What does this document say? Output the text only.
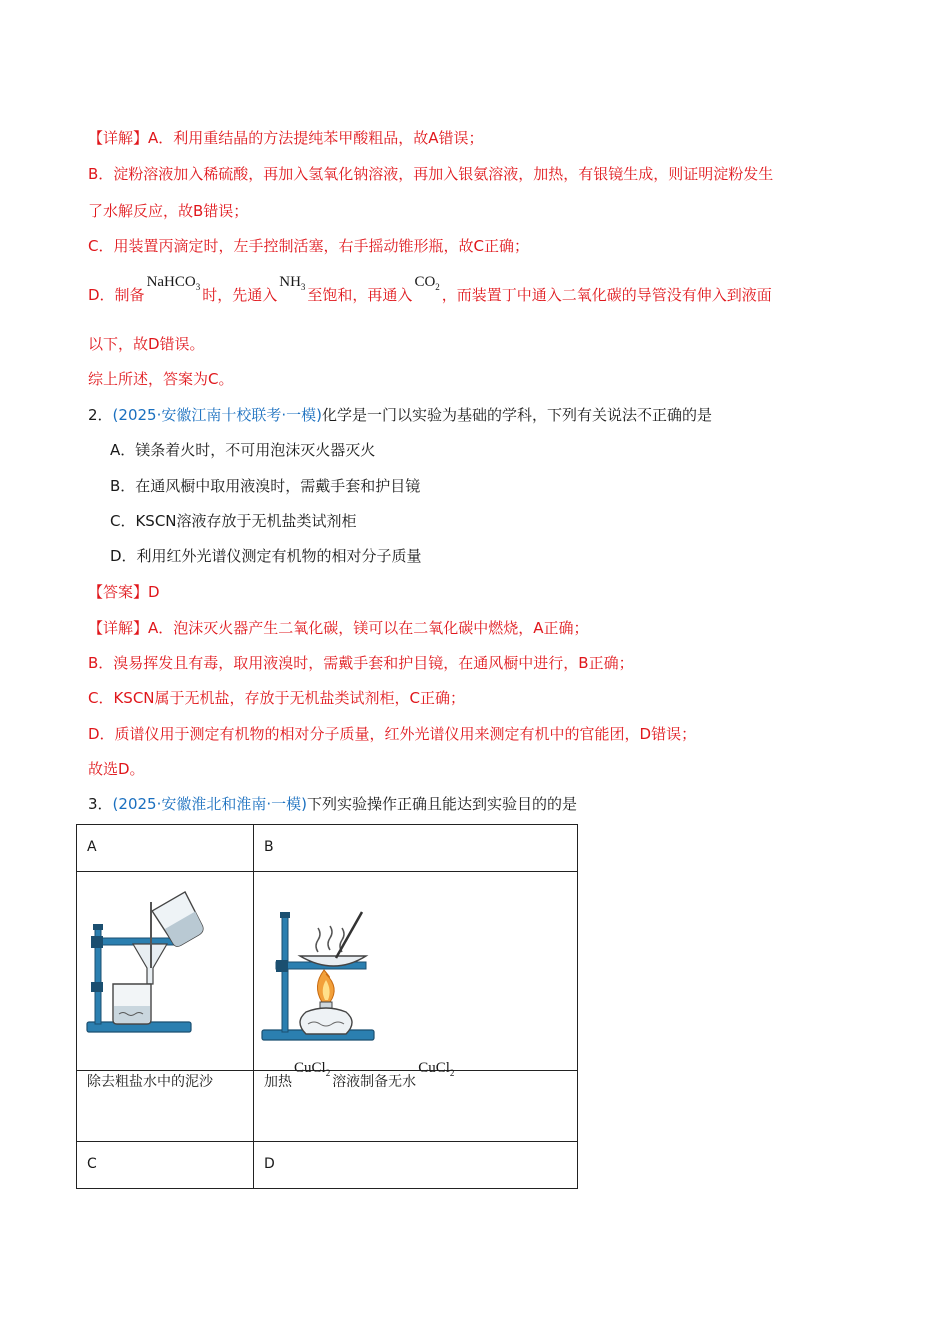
【详解】A．利用重结晶的方法提纯苯甲酸粗品，故A错误；
B．淀粉溶液加入稀硫酸，再加入氢氧化钠溶液，再加入银氨溶液，加热，有银镜生成，则证明淀粉发生
了水解反应，故B错误；
C．用装置丙滴定时，左手控制活塞，右手摇动锥形瓶，故C正确；
D．制备NaHCO$_3$ 时，先通入$NH_3$ 至饱和，再通入$CO_2$ ，而装置丁中通入二氧化碳的导管没有伸入到液面
以下，故D错误。
综上所述，答案为C。
2．(2025·安徽江南十校联考·一模)化学是一门以实验为基础的学科，下列有关说法不正确的是
A．镁条着火时，不可用泡沫灭火器灭火
B．在通风橱中取用液溴时，需戴手套和护目镜
C．KSCN溶液存放于无机盐类试剂柜
D．利用红外光谱仪测定有机物的相对分子质量
【答案】D
【详解】A．泡沫灭火器产生二氧化碳，镁可以在二氧化碳中燃烧，A正确；
B．溴易挥发且有毒，取用液溴时，需戴手套和护目镜，在通风橱中进行，B正确；
C．KSCN属于无机盐，存放于无机盐类试剂柜，C正确；
D．质谱仪用于测定有机物的相对分子质量，红外光谱仪用来测定有机中的官能团，D错误；
故选D。
3．(2025·安徽淮北和淮南·一模)下列实验操作正确且能达到实验目的的是
A	B

除去粗盐水中的泥沙	加热CuCl$_2$溶液制备无水CuCl$_2$
C	D
